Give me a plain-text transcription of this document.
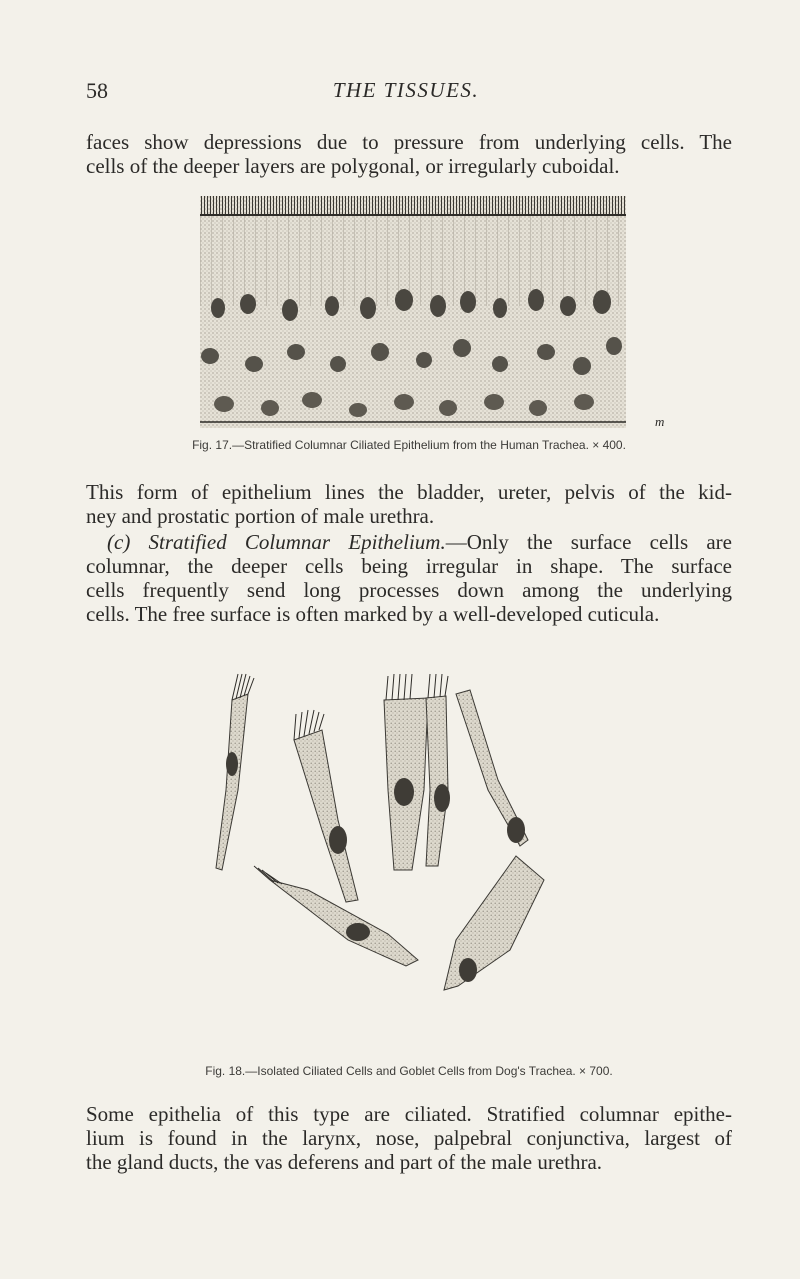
58	THE TISSUES.

faces show depressions due to pressure from underlying cells. The
cells of the deeper layers are polygonal, or irregularly cuboidal.

m
Fig. 17.—Stratified Columnar Ciliated Epithelium from the Human Trachea. × 400.

This form of epithelium lines the bladder, ureter, pelvis of the kid-
ney and prostatic portion of male urethra.

 (c) Stratified Columnar Epithelium.—Only the surface cells are
columnar, the deeper cells being irregular in shape. The surface
cells frequently send long processes down among the underlying
cells. The free surface is often marked by a well-developed cuticula.

Fig. 18.—Isolated Ciliated Cells and Goblet Cells from Dog's Trachea. × 700.

Some epithelia of this type are ciliated. Stratified columnar epithe-
lium is found in the larynx, nose, palpebral conjunctiva, largest of
the gland ducts, the vas deferens and part of the male urethra.
